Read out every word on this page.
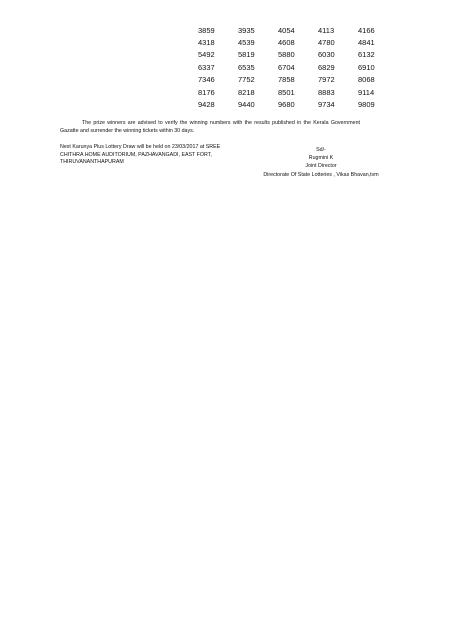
3859	3935	4054	4113	4166
4318	4539	4608	4780	4841
5492	5819	5880	6030	6132
6337	6535	6704	6829	6910
7346	7752	7858	7972	8068
8176	8218	8501	8883	9114
9428	9440	9680	9734	9809

The prize winners are advised to verify the winning numbers with the results published in the Kerala Government Gazatte and surrender the winning tickets within 30 days.

Next Karunya Plus Lottery Draw will be held on 23/03/2017 at SREE
CHITHRA HOME AUDITORIUM, PAZHAVANGADI, EAST FORT,
THIRUVANANTHAPURAM

Sd/-
Rugmini K
Joint Director
Directorate Of State Lotteries , Vikas Bhavan,tvm
